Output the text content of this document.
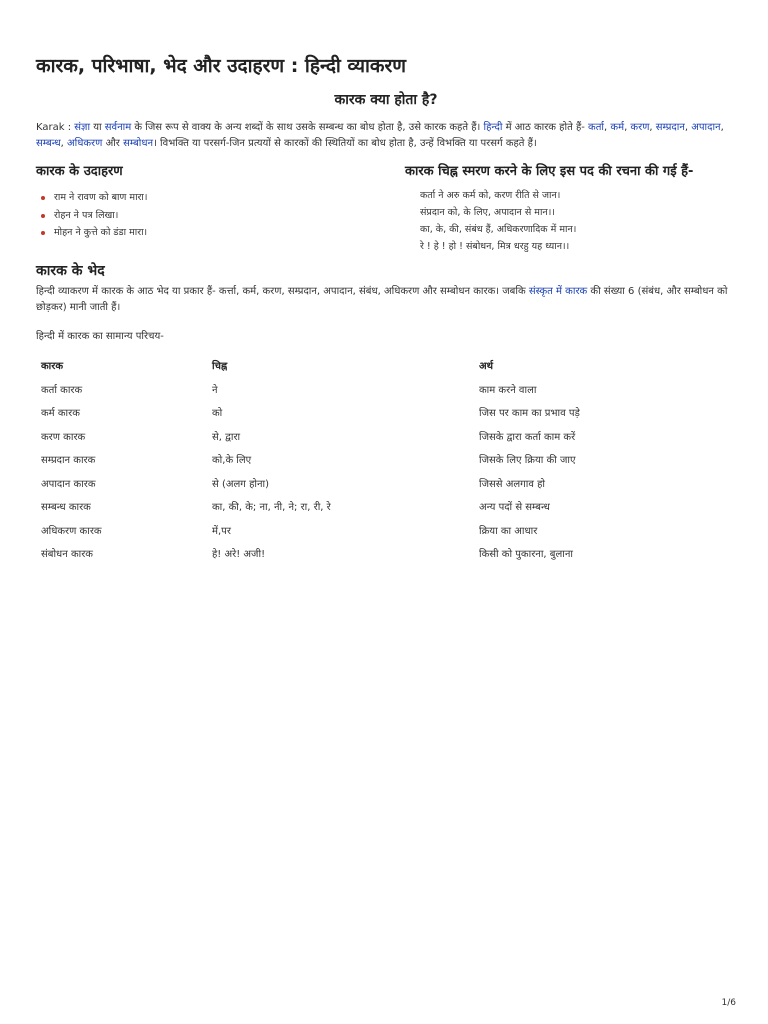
कारक, परिभाषा, भेद और उदाहरण : हिन्दी व्याकरण
कारक क्या होता है?

Karak : संज्ञा या सर्वनाम के जिस रूप से वाक्य के अन्य शब्दों के साथ उसके सम्बन्ध का बोध होता है, उसे कारक कहते हैं। हिन्दी में आठ कारक होते हैं- कर्ता, कर्म, करण, सम्प्रदान, अपादान, सम्बन्ध, अधिकरण और सम्बोधन। विभक्ति या परसर्ग-जिन प्रत्ययों से कारकों की स्थितियों का बोध होता है, उन्हें विभक्ति या परसर्ग कहते हैं।

कारक के उदाहरण	कारक चिह्न स्मरण करने के लिए इस पद की रचना की गई हैं-
राम ने रावण को बाण मारा।
रोहन ने पत्र लिखा।
मोहन ने कुत्ते को डंडा मारा।
कर्ता ने अरु कर्म को, करण रीति से जान।
संप्रदान को, के लिए, अपादान से मान।।
का, के, की, संबंध हैं, अधिकरणादिक में मान।
रे ! हे ! हो ! संबोधन, मित्र धरहु यह ध्यान।।
कारक के भेद

हिन्दी व्याकरण में कारक के आठ भेद या प्रकार हैं- कर्त्ता, कर्म, करण, सम्प्रदान, अपादान, संबंध, अधिकरण और सम्बोधन कारक। जबकि संस्कृत में कारक की संख्या 6 (संबंध, और सम्बोधन को छोड़कर) मानी जाती हैं।

हिन्दी में कारक का सामान्य परिचय-

कारक	चिह्न	अर्थ
कर्ता कारक	ने	काम करने वाला
कर्म कारक	को	जिस पर काम का प्रभाव पड़े
करण कारक	से, द्वारा	जिसके द्वारा कर्ता काम करें
सम्प्रदान कारक	को,के लिए	जिसके लिए क्रिया की जाए
अपादान कारक	से (अलग होना)	जिससे अलगाव हो
सम्बन्ध कारक	का, की, के; ना, नी, ने; रा, री, रे	अन्य पदों से सम्बन्ध
अधिकरण कारक	में,पर	क्रिया का आधार
संबोधन कारक	हे! अरे! अजी!	किसी को पुकारना, बुलाना
1/6
